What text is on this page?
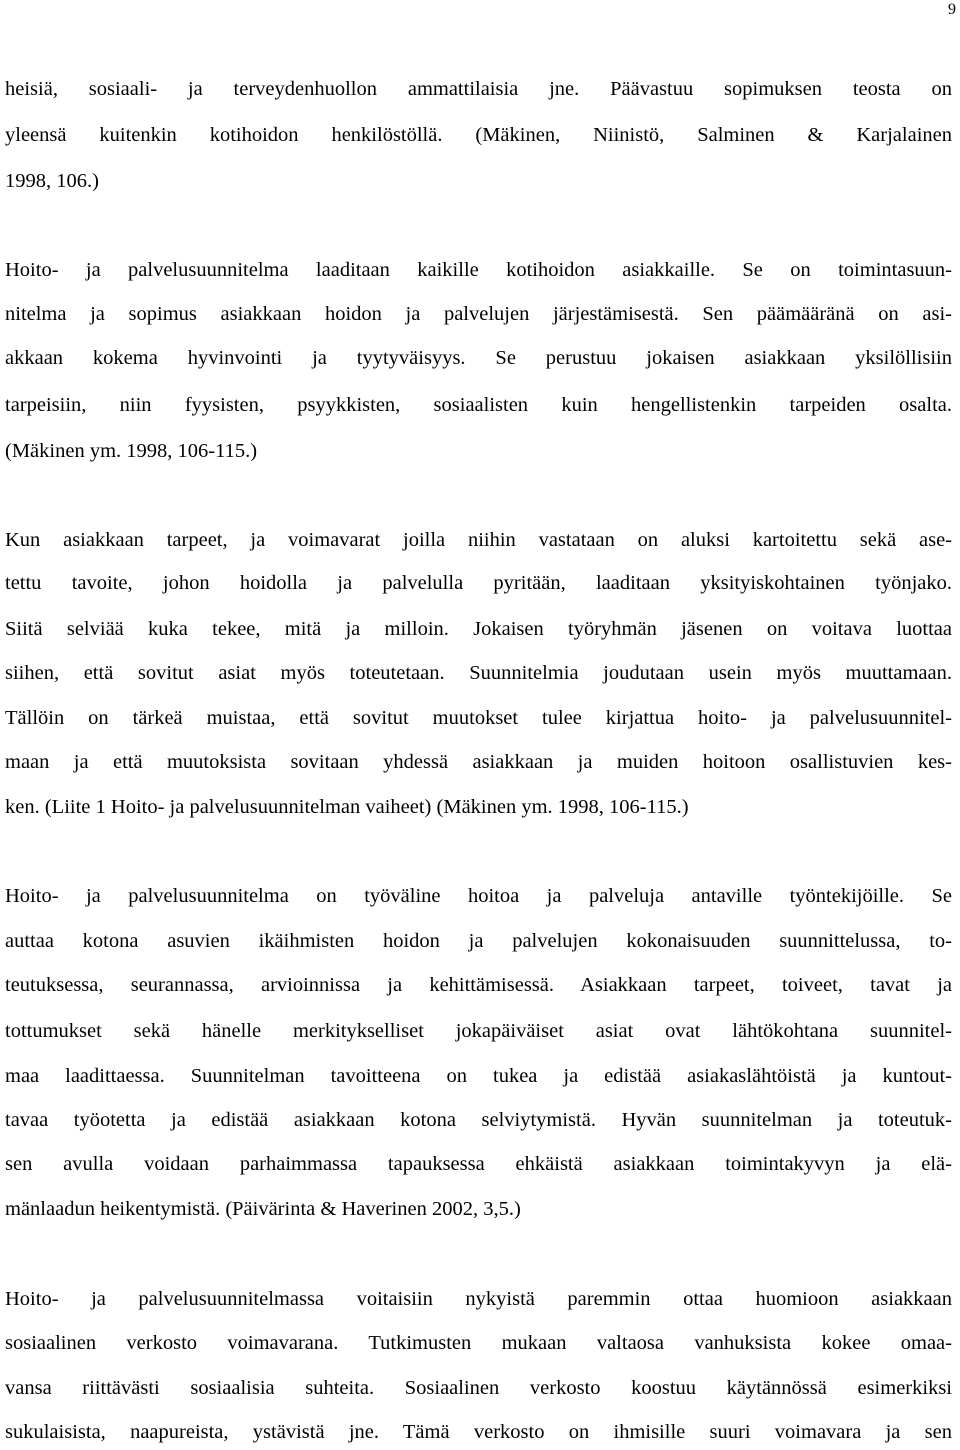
9
heisiä, sosiaali- ja terveydenhuollon ammattilaisia jne. Päävastuu sopimuksen teosta on
yleensä kuitenkin kotihoidon henkilöstöllä. (Mäkinen, Niinistö, Salminen & Karjalainen
1998, 106.)
Hoito- ja palvelusuunnitelma laaditaan kaikille kotihoidon asiakkaille. Se on toimintasuun-
nitelma ja sopimus asiakkaan hoidon ja palvelujen järjestämisestä. Sen päämääränä on asi-
akkaan kokema hyvinvointi ja tyytyväisyys. Se perustuu jokaisen asiakkaan yksilöllisiin
tarpeisiin, niin fyysisten, psyykkisten, sosiaalisten kuin hengellistenkin tarpeiden osalta.
(Mäkinen ym. 1998, 106-115.)
Kun asiakkaan tarpeet, ja voimavarat joilla niihin vastataan on aluksi kartoitettu sekä ase-
tettu tavoite, johon hoidolla ja palvelulla pyritään, laaditaan yksityiskohtainen työnjako.
Siitä selviää kuka tekee, mitä ja milloin. Jokaisen työryhmän jäsenen on voitava luottaa
siihen, että sovitut asiat myös toteutetaan. Suunnitelmia joudutaan usein myös muuttamaan.
Tällöin on tärkeä muistaa, että sovitut muutokset tulee kirjattua hoito- ja palvelusuunnitel-
maan ja että muutoksista sovitaan yhdessä asiakkaan ja muiden hoitoon osallistuvien kes-
ken. (Liite 1 Hoito- ja palvelusuunnitelman vaiheet) (Mäkinen ym. 1998, 106-115.)
Hoito- ja palvelusuunnitelma on työväline hoitoa ja palveluja antaville työntekijöille. Se
auttaa kotona asuvien ikäihmisten hoidon ja palvelujen kokonaisuuden suunnittelussa, to-
teutuksessa, seurannassa, arvioinnissa ja kehittämisessä. Asiakkaan tarpeet, toiveet, tavat ja
tottumukset sekä hänelle merkitykselliset jokapäiväiset asiat ovat lähtökohtana suunnitel-
maa laadittaessa. Suunnitelman tavoitteena on tukea ja edistää asiakaslähtöistä ja kuntout-
tavaa työotetta ja edistää asiakkaan kotona selviytymistä. Hyvän suunnitelman ja toteutuk-
sen avulla voidaan parhaimmassa tapauksessa ehkäistä asiakkaan toimintakyvyn ja elä-
mänlaadun heikentymistä. (Päivärinta & Haverinen 2002, 3,5.)
Hoito- ja palvelusuunnitelmassa voitaisiin nykyistä paremmin ottaa huomioon asiakkaan
sosiaalinen verkosto voimavarana. Tutkimusten mukaan valtaosa vanhuksista kokee omaa-
vansa riittävästi sosiaalisia suhteita. Sosiaalinen verkosto koostuu käytännössä esimerkiksi
sukulaisista, naapureista, ystävistä jne. Tämä verkosto on ihmisille suuri voimavara ja sen
